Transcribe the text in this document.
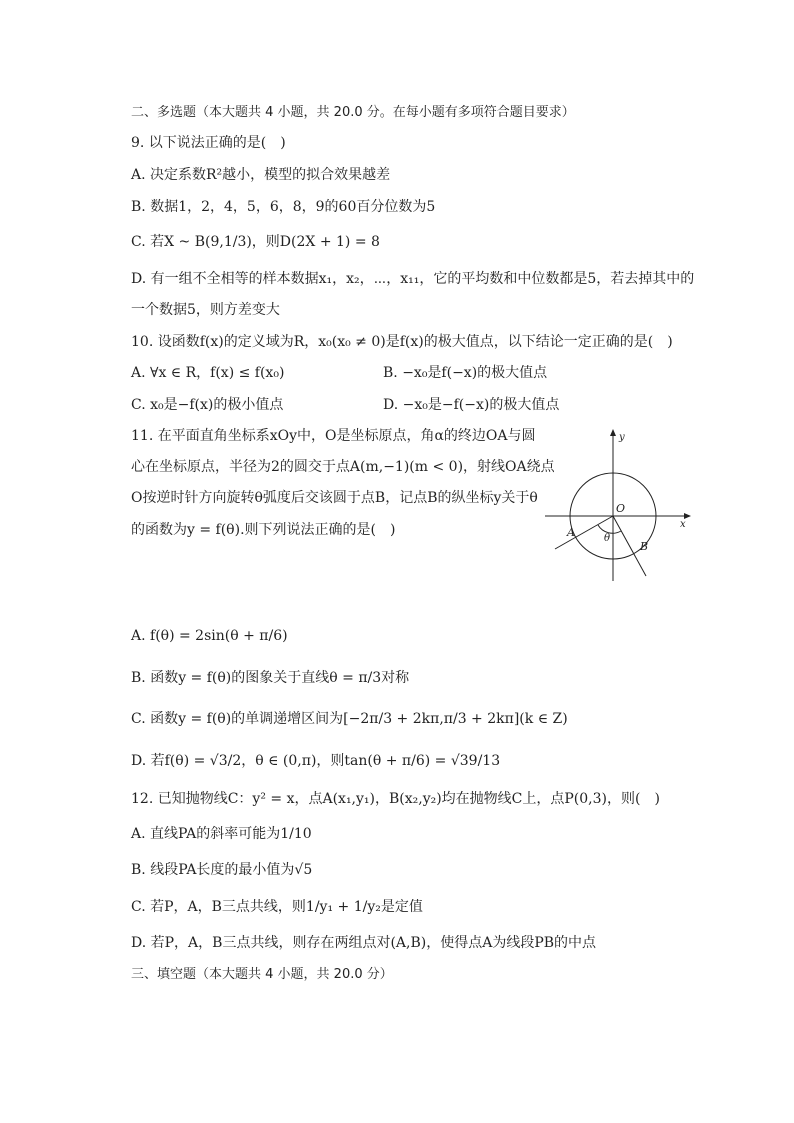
二、多选题（本大题共 4 小题，共 20.0 分。在每小题有多项符合题目要求）
9. 以下说法正确的是(　)
A. 决定系数R²越小，模型的拟合效果越差
B. 数据1，2，4，5，6，8，9的60百分位数为5
C. 若X ~ B(9,1/3)，则D(2X + 1) = 8
D. 有一组不全相等的样本数据x₁，x₂，⋯，x₁₁，它的平均数和中位数都是5，若去掉其中的
一个数据5，则方差变大
10. 设函数f(x)的定义域为R，x₀(x₀ ≠ 0)是f(x)的极大值点，以下结论一定正确的是(　)
A. ∀x ∈ R，f(x) ≤ f(x₀)	B. −x₀是f(−x)的极大值点
C. x₀是−f(x)的极小值点	D. −x₀是−f(−x)的极大值点
11. 在平面直角坐标系xOy中，O是坐标原点，角α的终边OA与圆
心在坐标原点，半径为2的圆交于点A(m,−1)(m < 0)，射线OA绕点
O按逆时针方向旋转θ弧度后交该圆于点B，记点B的纵坐标y关于θ
的函数为y = f(θ).则下列说法正确的是(　)
y
O
x
A	θ
B
A. f(θ) = 2sin(θ + π/6)
B. 函数y = f(θ)的图象关于直线θ = π/3对称
C. 函数y = f(θ)的单调递增区间为[−2π/3 + 2kπ,π/3 + 2kπ](k ∈ Z)
D. 若f(θ) = √3/2，θ ∈ (0,π)，则tan(θ + π/6) = √39/13
12. 已知抛物线C：y² = x，点A(x₁,y₁)，B(x₂,y₂)均在抛物线C上，点P(0,3)，则(　)
A. 直线PA的斜率可能为1/10
B. 线段PA长度的最小值为√5
C. 若P，A，B三点共线，则1/y₁ + 1/y₂是定值
D. 若P，A，B三点共线，则存在两组点对(A,B)，使得点A为线段PB的中点
三、填空题（本大题共 4 小题，共 20.0 分）
